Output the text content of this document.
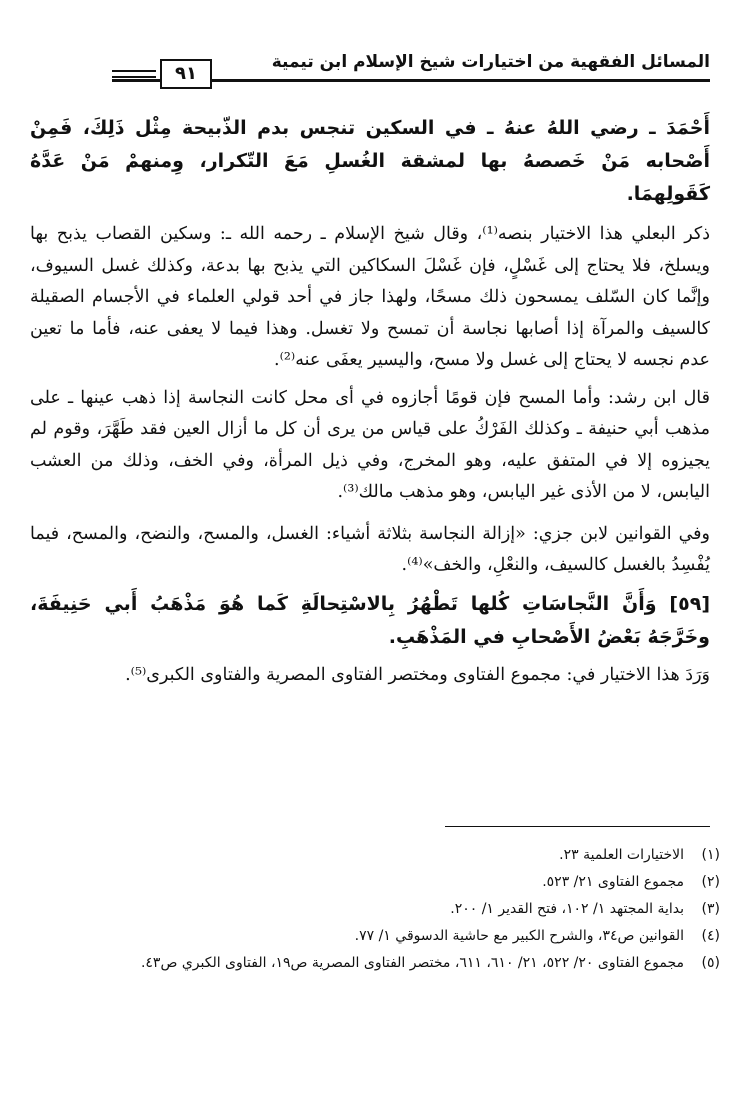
المسائل الفقهية من اختيارات شيخ الإسلام ابن تيمية
٩١

أَحْمَدَ ـ رضي اللهُ عنهُ ـ في السكين تنجس بدم الذّبيحة مِثْل ذَلِكَ، فَمِنْ أَصْحابه مَنْ خَصصهُ بها لمشقة الغُسلِ مَعَ التّكرار، وِمنهمْ مَنْ عَدَّهُ كَقَولِهمَا.

ذكر البعلي هذا الاختيار بنصه⁽¹⁾، وقال شيخ الإسلام ـ رحمه الله ـ: وسكين القصاب يذبح بها ويسلخ، فلا يحتاج إلى غَسْلٍ، فإن غَسْلَ السكاكين التي يذبح بها بدعة، وكذلك غسل السيوف، وإنَّما كان السّلف يمسحون ذلك مسحًا، ولهذا جاز في أحد قولي العلماء في الأجسام الصقيلة كالسيف والمرآة إذا أصابها نجاسة أن تمسح ولا تغسل. وهذا فيما لا يعفى عنه، فأما ما تعين عدم نجسه لا يحتاج إلى غسل ولا مسح، واليسير يعفَى عنه⁽²⁾.

قال ابن رشد: وأما المسح فإن قومًا أجازوه في أى محل كانت النجاسة إذا ذهب عينها ـ على مذهب أبي حنيفة ـ وكذلك الفَرْكُ على قياس من يرى أن كل ما أزال العين فقد طَهَّرَ، وقوم لم يجيزوه إلا في المتفق عليه، وهو المخرج، وفي ذيل المرأة، وفي الخف، وذلك من العشب اليابس، لا من الأذى غير اليابس، وهو مذهب مالك⁽³⁾.

وفي القوانين لابن جزي: «إزالة النجاسة بثلاثة أشياء: الغسل، والمسح، والنضح، والمسح، فيما يُفْسِدُ بالغسل كالسيف، والنعْلِ، والخف»⁽⁴⁾.

[٥٩] وَأَنَّ النَّجاسَاتِ كُلها تَطْهُرُ بِالاسْتِحالَةِ كَما هُوَ مَذْهَبُ أَبي حَنِيفَةَ، وخَرَّجَهُ بَعْضُ الأَصْحابِ في المَذْهَبِ.

وَرَدَ هذا الاختيار في: مجموع الفتاوى ومختصر الفتاوى المصرية والفتاوى الكبرى⁽⁵⁾.

(١)
الاختيارات العلمية ٢٣.
(٢)
مجموع الفتاوى ٢١/ ٥٢٣.
(٣)
بداية المجتهد ١/ ١٠٢، فتح القدير ١/ ٢٠٠.
(٤)
القوانين ص٣٤، والشرح الكبير مع حاشية الدسوقي ١/ ٧٧.
(٥)
مجموع الفتاوى ٢٠/ ٥٢٢، ٢١/ ٦١٠، ٦١١، مختصر الفتاوى المصرية ص١٩، الفتاوى الكبري ص٤٣.
